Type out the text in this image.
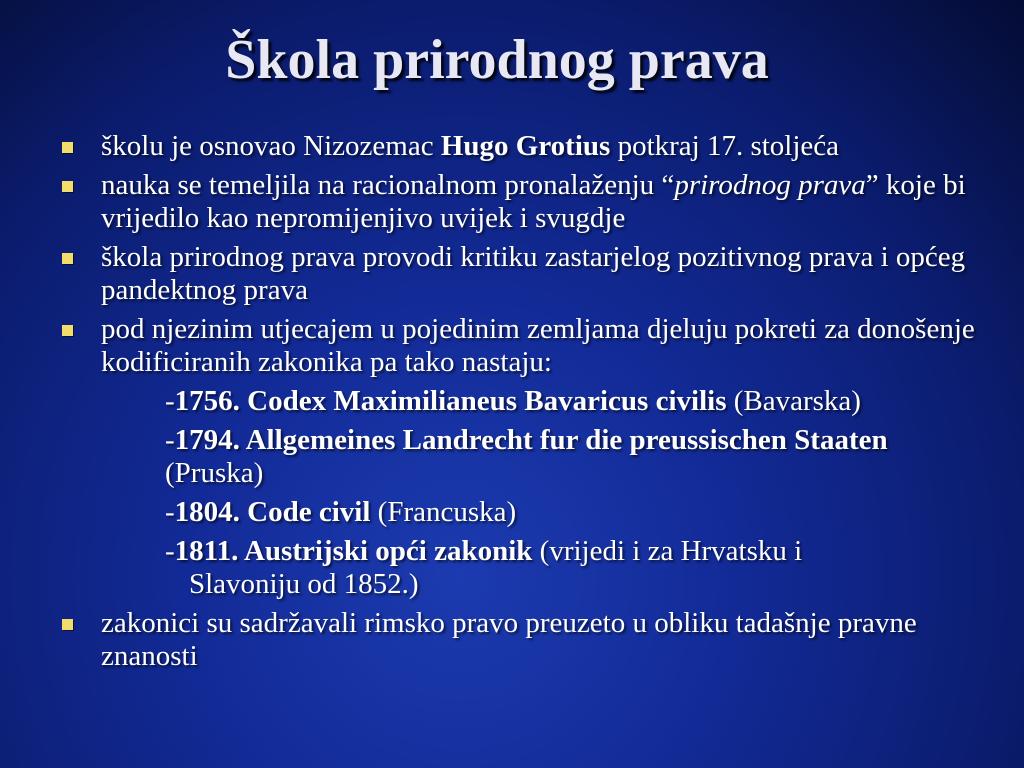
Škola prirodnog prava
školu je osnovao Nizozemac Hugo Grotius potkraj 17. stoljeća
nauka se temeljila na racionalnom pronalaženju “prirodnog prava” koje bi vrijedilo kao nepromijenjivo uvijek i svugdje
škola prirodnog prava provodi kritiku zastarjelog pozitivnog prava i općeg pandektnog prava
pod njezinim utjecajem u pojedinim zemljama djeluju pokreti za donošenje kodificiranih zakonika pa tako nastaju:
-1756. Codex Maximilianeus Bavaricus civilis (Bavarska)
-1794. Allgemeines Landrecht fur die preussischen Staaten (Pruska)
-1804. Code civil (Francuska)
-1811. Austrijski opći zakonik (vrijedi i za Hrvatsku i
Slavoniju od 1852.)
zakonici su sadržavali rimsko pravo preuzeto u obliku tadašnje pravne znanosti
